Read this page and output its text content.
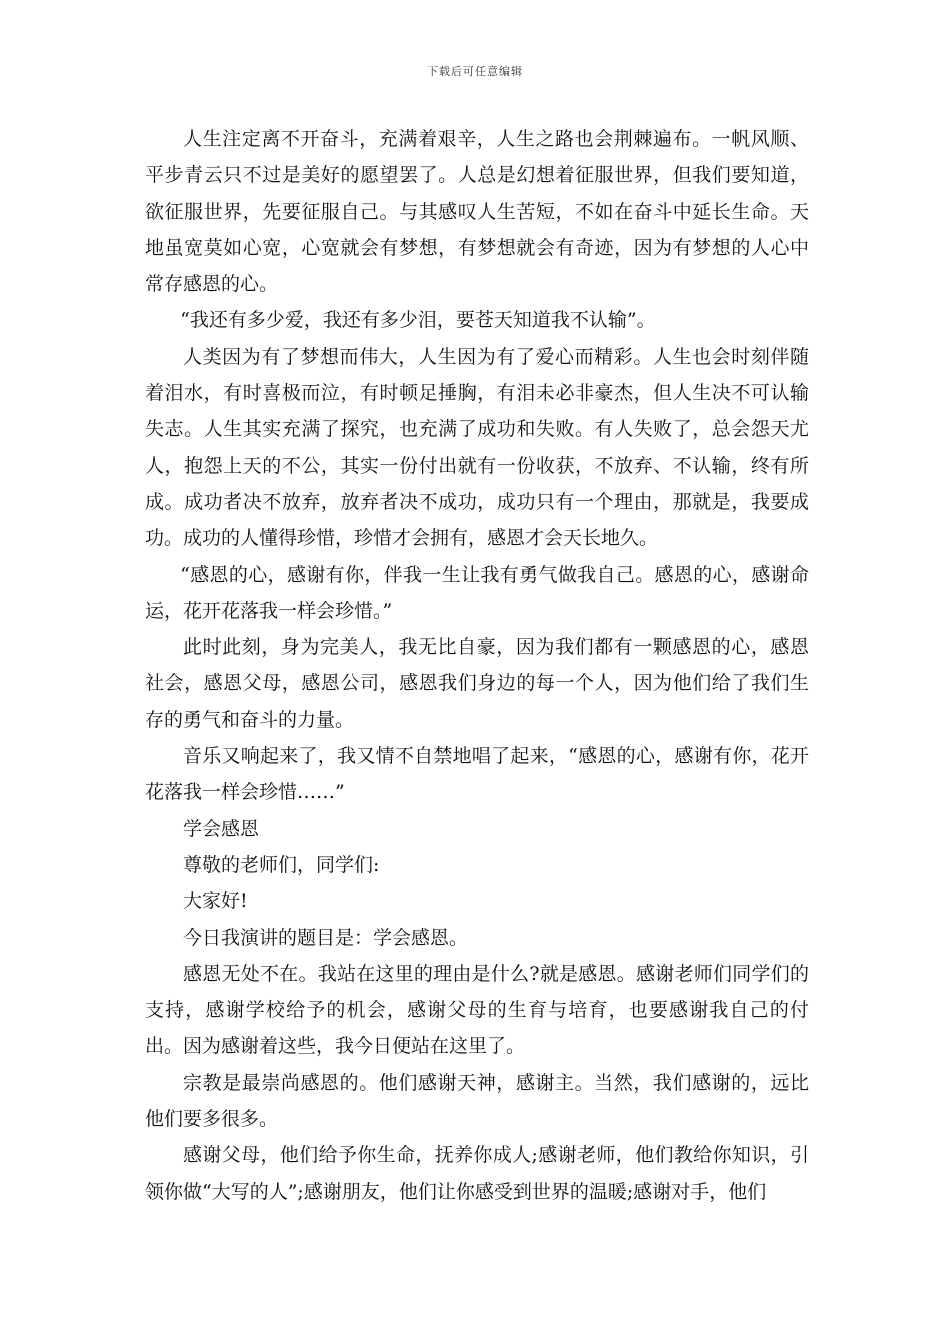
下载后可任意编辑

人生注定离不开奋斗，充满着艰辛，人生之路也会荆棘遍布。一帆风顺、平步青云只不过是美好的愿望罢了。人总是幻想着征服世界，但我们要知道，欲征服世界，先要征服自己。与其感叹人生苦短，不如在奋斗中延长生命。天地虽宽莫如心宽，心宽就会有梦想，有梦想就会有奇迹，因为有梦想的人心中常存感恩的心。

“我还有多少爱，我还有多少泪，要苍天知道我不认输”。

人类因为有了梦想而伟大，人生因为有了爱心而精彩。人生也会时刻伴随着泪水，有时喜极而泣，有时顿足捶胸，有泪未必非豪杰，但人生决不可认输失志。人生其实充满了探究，也充满了成功和失败。有人失败了，总会怨天尤人，抱怨上天的不公，其实一份付出就有一份收获，不放弃、不认输，终有所成。成功者决不放弃，放弃者决不成功，成功只有一个理由，那就是，我要成功。成功的人懂得珍惜，珍惜才会拥有，感恩才会天长地久。

“感恩的心，感谢有你，伴我一生让我有勇气做我自己。感恩的心，感谢命运，花开花落我一样会珍惜。”

此时此刻，身为完美人，我无比自豪，因为我们都有一颗感恩的心，感恩社会，感恩父母，感恩公司，感恩我们身边的每一个人，因为他们给了我们生存的勇气和奋斗的力量。

音乐又响起来了，我又情不自禁地唱了起来，“感恩的心，感谢有你，花开花落我一样会珍惜……”

学会感恩

尊敬的老师们，同学们:

大家好!

今日我演讲的题目是：学会感恩。

感恩无处不在。我站在这里的理由是什么?就是感恩。感谢老师们同学们的支持，感谢学校给予的机会，感谢父母的生育与培育，也要感谢我自己的付出。因为感谢着这些，我今日便站在这里了。

宗教是最崇尚感恩的。他们感谢天神，感谢主。当然，我们感谢的，远比他们要多很多。

感谢父母，他们给予你生命，抚养你成人;感谢老师，他们教给你知识，引领你做“大写的人”;感谢朋友，他们让你感受到世界的温暖;感谢对手，他们
